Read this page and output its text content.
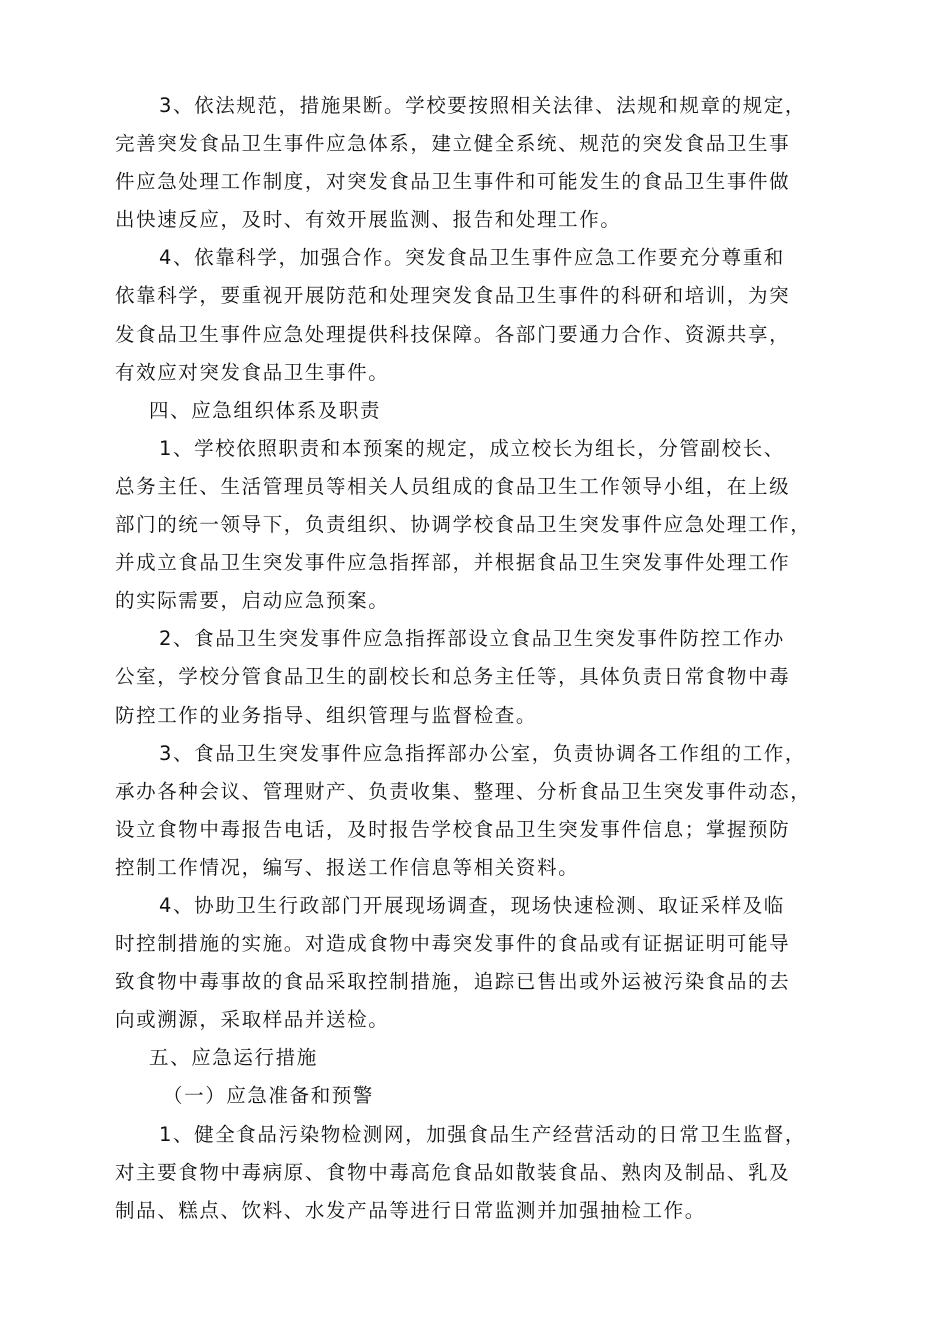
3、依法规范，措施果断。学校要按照相关法律、法规和规章的规定，
完善突发食品卫生事件应急体系，建立健全系统、规范的突发食品卫生事
件应急处理工作制度，对突发食品卫生事件和可能发生的食品卫生事件做
出快速反应，及时、有效开展监测、报告和处理工作。
4、依靠科学，加强合作。突发食品卫生事件应急工作要充分尊重和
依靠科学，要重视开展防范和处理突发食品卫生事件的科研和培训，为突
发食品卫生事件应急处理提供科技保障。各部门要通力合作、资源共享，
有效应对突发食品卫生事件。
四、应急组织体系及职责
1、学校依照职责和本预案的规定，成立校长为组长，分管副校长、
总务主任、生活管理员等相关人员组成的食品卫生工作领导小组，在上级
部门的统一领导下，负责组织、协调学校食品卫生突发事件应急处理工作，
并成立食品卫生突发事件应急指挥部，并根据食品卫生突发事件处理工作
的实际需要，启动应急预案。
2、食品卫生突发事件应急指挥部设立食品卫生突发事件防控工作办
公室，学校分管食品卫生的副校长和总务主任等，具体负责日常食物中毒
防控工作的业务指导、组织管理与监督检查。
3、食品卫生突发事件应急指挥部办公室，负责协调各工作组的工作，
承办各种会议、管理财产、负责收集、整理、分析食品卫生突发事件动态，
设立食物中毒报告电话，及时报告学校食品卫生突发事件信息；掌握预防
控制工作情况，编写、报送工作信息等相关资料。
4、协助卫生行政部门开展现场调查，现场快速检测、取证采样及临
时控制措施的实施。对造成食物中毒突发事件的食品或有证据证明可能导
致食物中毒事故的食品采取控制措施，追踪已售出或外运被污染食品的去
向或溯源，采取样品并送检。
五、应急运行措施
（一）应急准备和预警
1、健全食品污染物检测网，加强食品生产经营活动的日常卫生监督，
对主要食物中毒病原、食物中毒高危食品如散装食品、熟肉及制品、乳及
制品、糕点、饮料、水发产品等进行日常监测并加强抽检工作。
